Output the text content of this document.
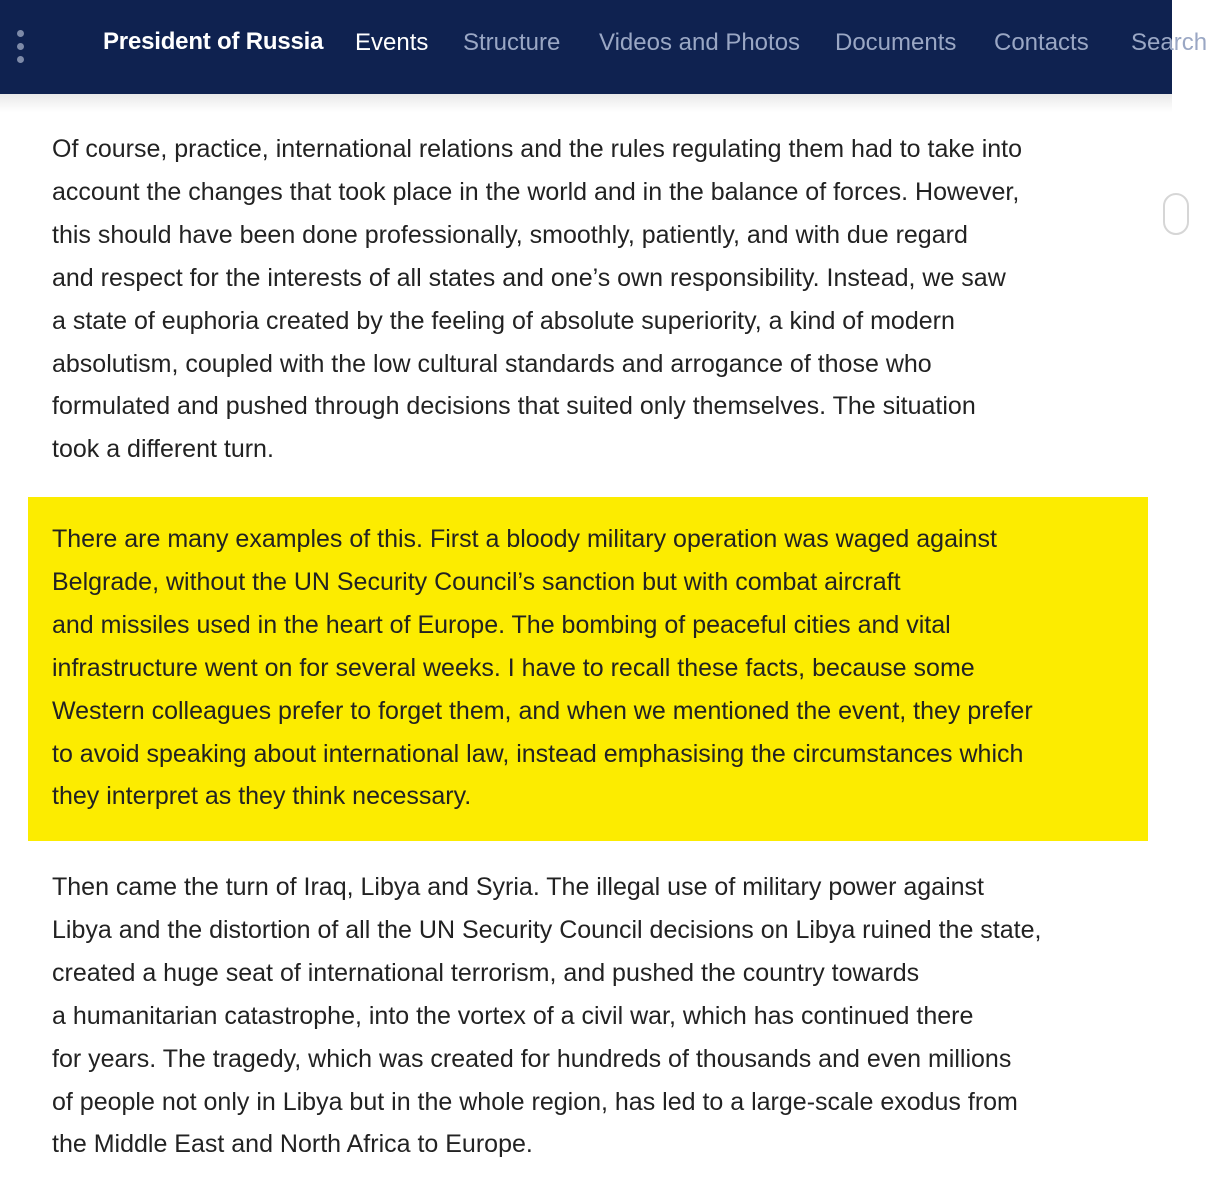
President of Russia Events Structure Videos and Photos Documents Contacts Search

Of course, practice, international relations and the rules regulating them had to take into
account the changes that took place in the world and in the balance of forces. However,
this should have been done professionally, smoothly, patiently, and with due regard
and respect for the interests of all states and one’s own responsibility. Instead, we saw
a state of euphoria created by the feeling of absolute superiority, a kind of modern
absolutism, coupled with the low cultural standards and arrogance of those who
formulated and pushed through decisions that suited only themselves. The situation
took a different turn.

There are many examples of this. First a bloody military operation was waged against
Belgrade, without the UN Security Council’s sanction but with combat aircraft
and missiles used in the heart of Europe. The bombing of peaceful cities and vital
infrastructure went on for several weeks. I have to recall these facts, because some
Western colleagues prefer to forget them, and when we mentioned the event, they prefer
to avoid speaking about international law, instead emphasising the circumstances which
they interpret as they think necessary.

Then came the turn of Iraq, Libya and Syria. The illegal use of military power against
Libya and the distortion of all the UN Security Council decisions on Libya ruined the state,
created a huge seat of international terrorism, and pushed the country towards
a humanitarian catastrophe, into the vortex of a civil war, which has continued there
for years. The tragedy, which was created for hundreds of thousands and even millions
of people not only in Libya but in the whole region, has led to a large-scale exodus from
the Middle East and North Africa to Europe.
